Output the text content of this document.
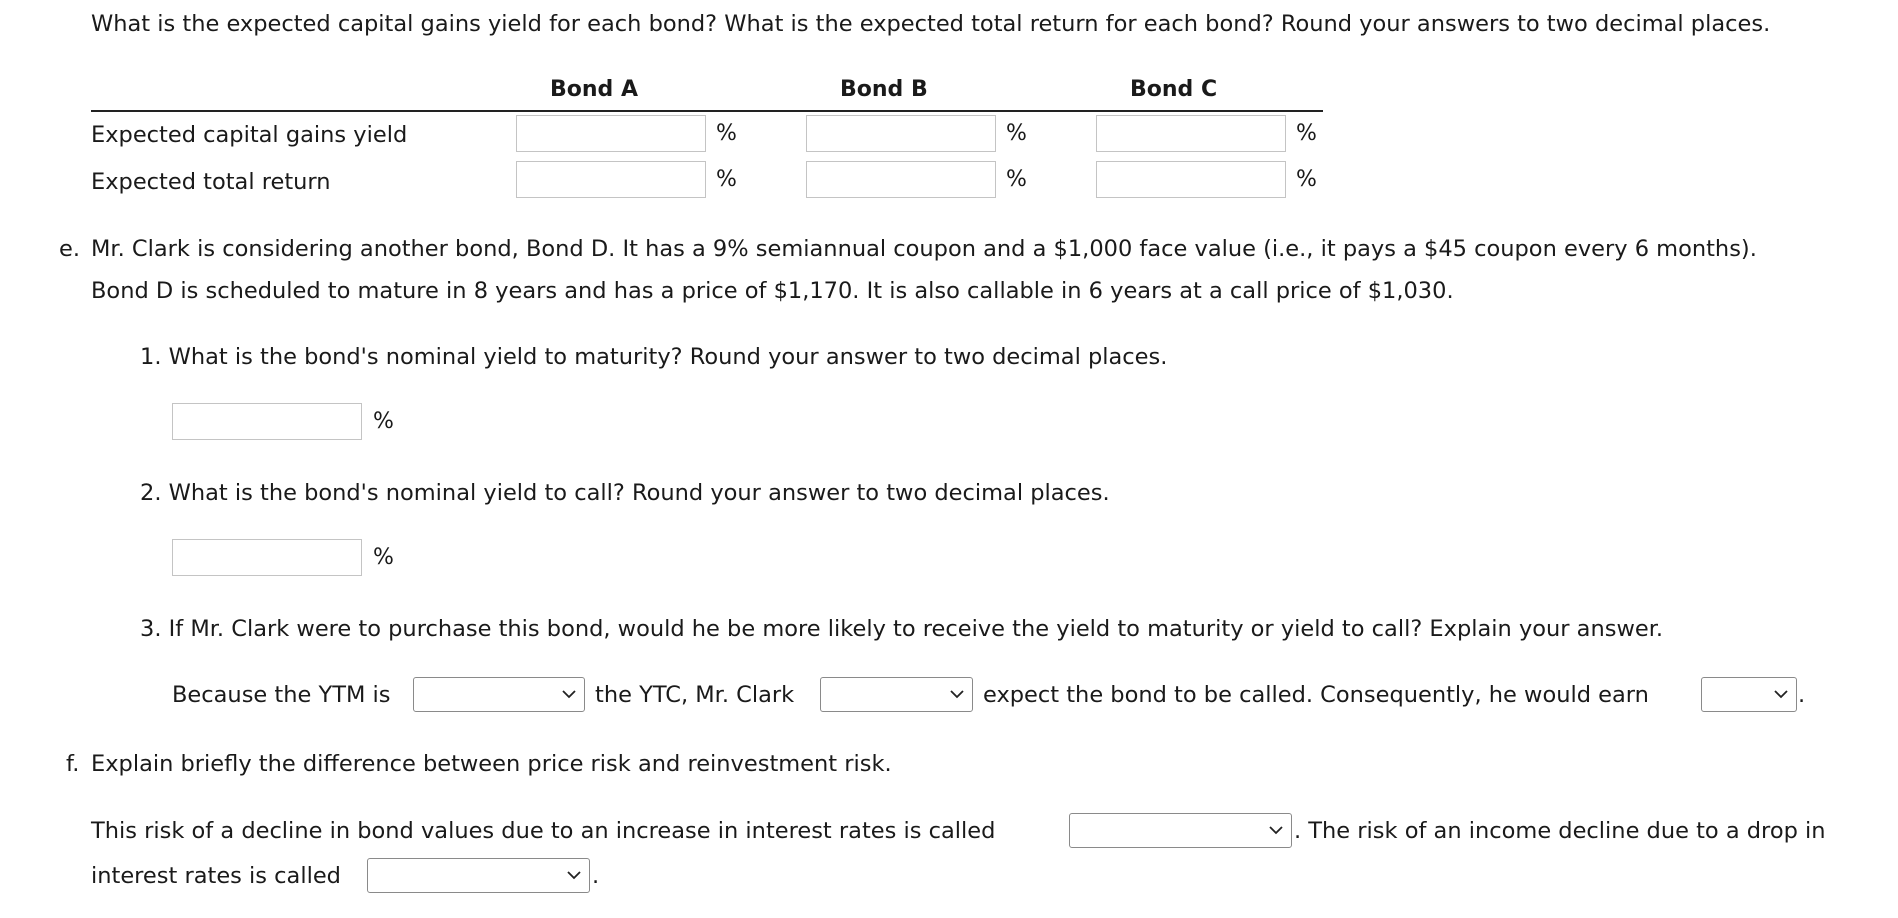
What is the expected capital gains yield for each bond? What is the expected total return for each bond? Round your answers to two decimal places.
Bond A	Bond B	Bond C
Expected capital gains yield	%	%	%
Expected total return	%	%	%
e. Mr. Clark is considering another bond, Bond D. It has a 9% semiannual coupon and a $1,000 face value (i.e., it pays a $45 coupon every 6 months).
Bond D is scheduled to mature in 8 years and has a price of $1,170. It is also callable in 6 years at a call price of $1,030.
1. What is the bond's nominal yield to maturity? Round your answer to two decimal places.
%
2. What is the bond's nominal yield to call? Round your answer to two decimal places.
%
3. If Mr. Clark were to purchase this bond, would he be more likely to receive the yield to maturity or yield to call? Explain your answer.
Because the YTM is	the YTC, Mr. Clark	expect the bond to be called. Consequently, he would earn	.
f. Explain briefly the difference between price risk and reinvestment risk.
This risk of a decline in bond values due to an increase in interest rates is called	. The risk of an income decline due to a drop in
interest rates is called	.
